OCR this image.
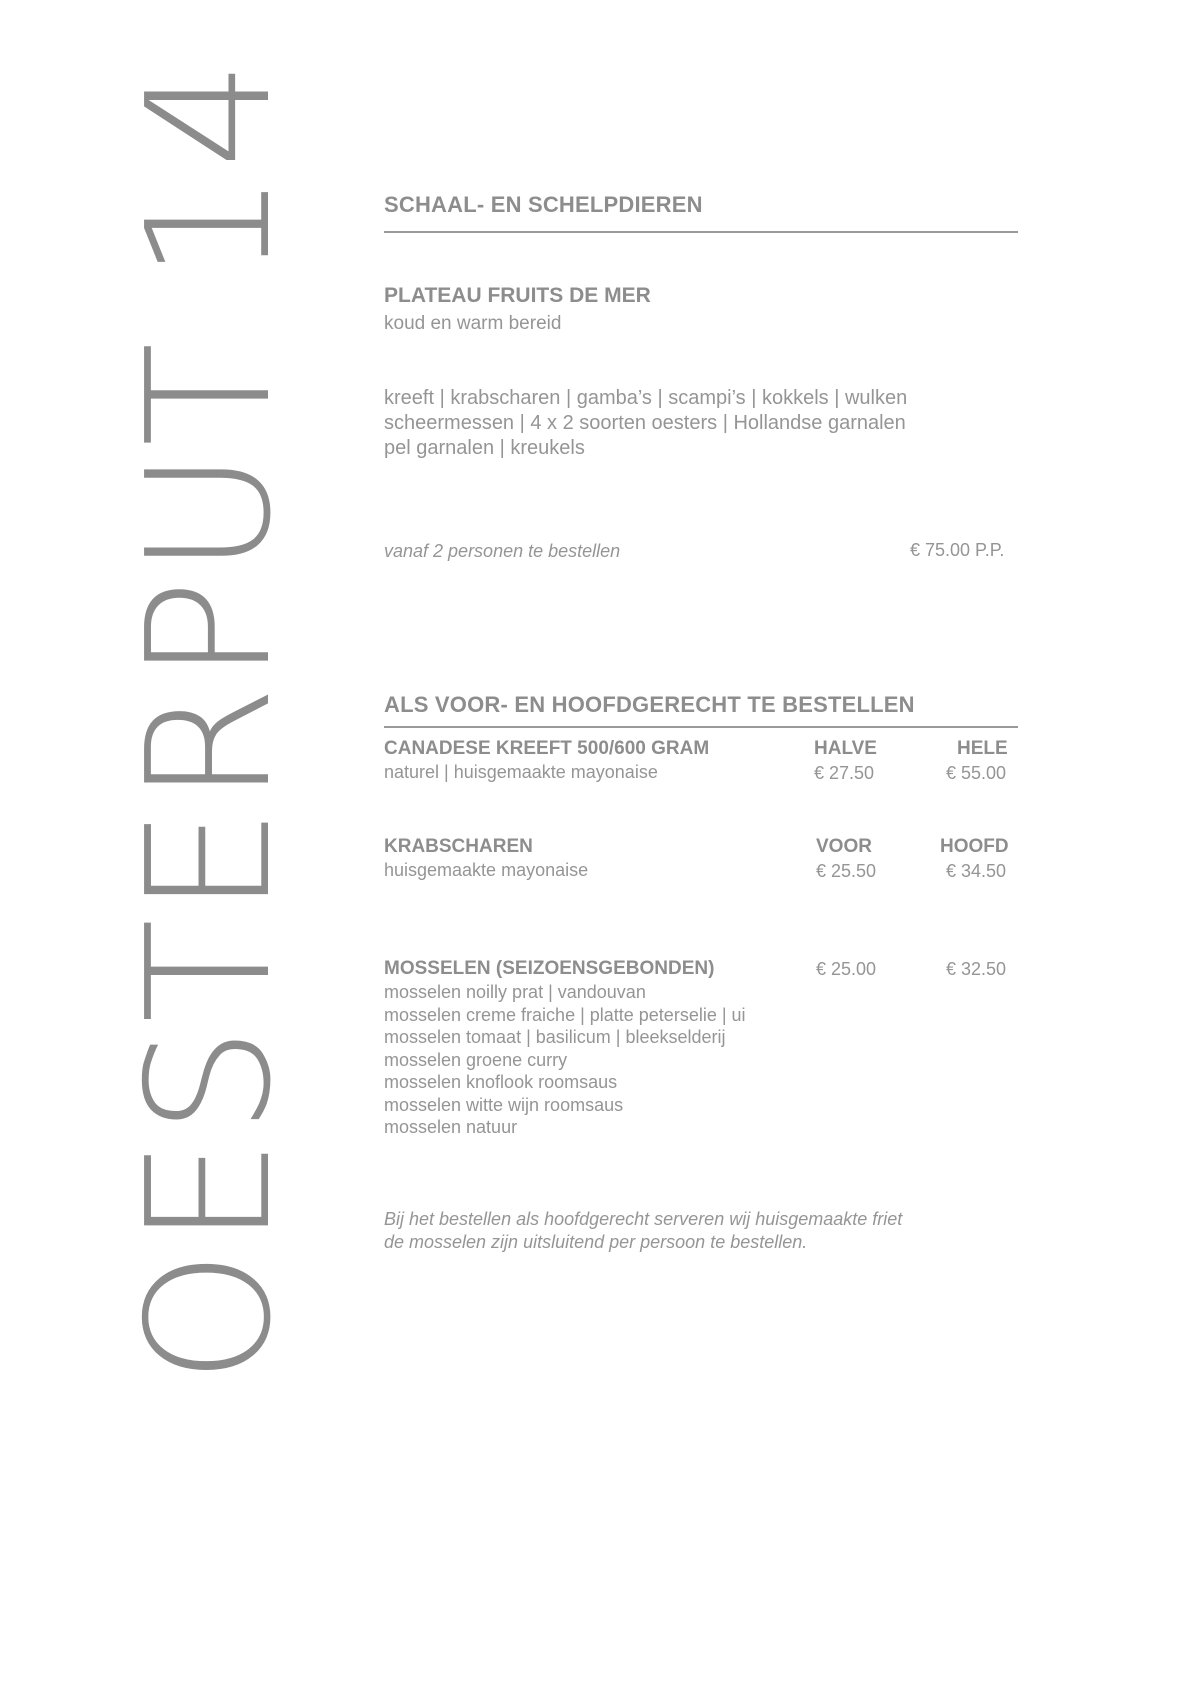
OESTERPUT 14	SCHAAL- EN SCHELPDIEREN
PLATEAU FRUITS DE MER
koud en warm bereid
kreeft | krabscharen | gamba’s | scampi’s | kokkels | wulken
scheermessen | 4 x 2 soorten oesters | Hollandse garnalen
pel garnalen | kreukels
vanaf 2 personen te bestellen	€ 75.00 P.P.
ALS VOOR- EN HOOFDGERECHT TE BESTELLEN
CANADESE KREEFT 500/600 GRAM	HALVE	HELE
naturel | huisgemaakte mayonaise	€ 27.50	€ 55.00
KRABSCHAREN	VOOR	HOOFD
huisgemaakte mayonaise	€ 25.50	€ 34.50
MOSSELEN (SEIZOENSGEBONDEN)	€ 25.00	€ 32.50
mosselen noilly prat | vandouvan
mosselen creme fraiche | platte peterselie | ui
mosselen tomaat | basilicum | bleekselderij
mosselen groene curry
mosselen knoflook roomsaus
mosselen witte wijn roomsaus
mosselen natuur
Bij het bestellen als hoofdgerecht serveren wij huisgemaakte friet
de mosselen zijn uitsluitend per persoon te bestellen.
